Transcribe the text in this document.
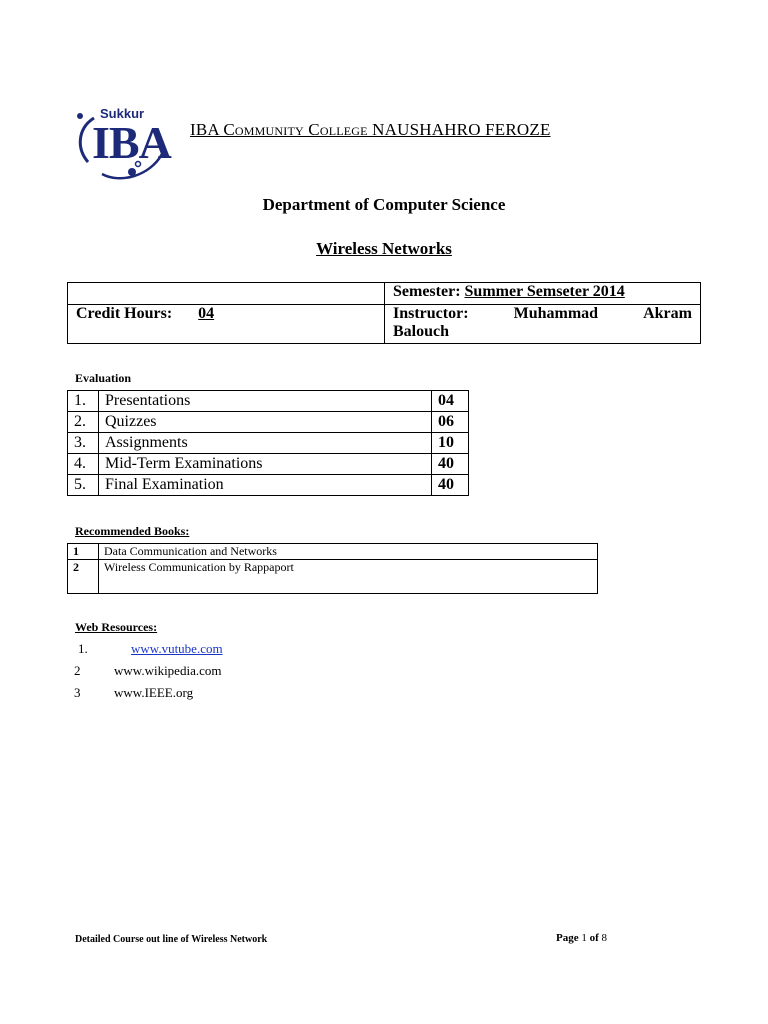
Sukkur
IBA IBA Community College NAUSHAHRO FEROZE
Department of Computer Science
Wireless Networks
	Semester: Summer Semseter 2014
Credit Hours: 04	Instructor: Muhammad Akram
Balouch
Evaluation
1.	Presentations	04
2.	Quizzes	06
3.	Assignments	10
4.	Mid-Term Examinations	40
5.	Final Examination	40
Recommended Books:
1	Data Communication and Networks
2	Wireless Communication by Rappaport
Web Resources:
1.	www.vutube.com
2	www.wikipedia.com
3	www.IEEE.org
Detailed Course out line of Wireless Network	Page 1 of 8
